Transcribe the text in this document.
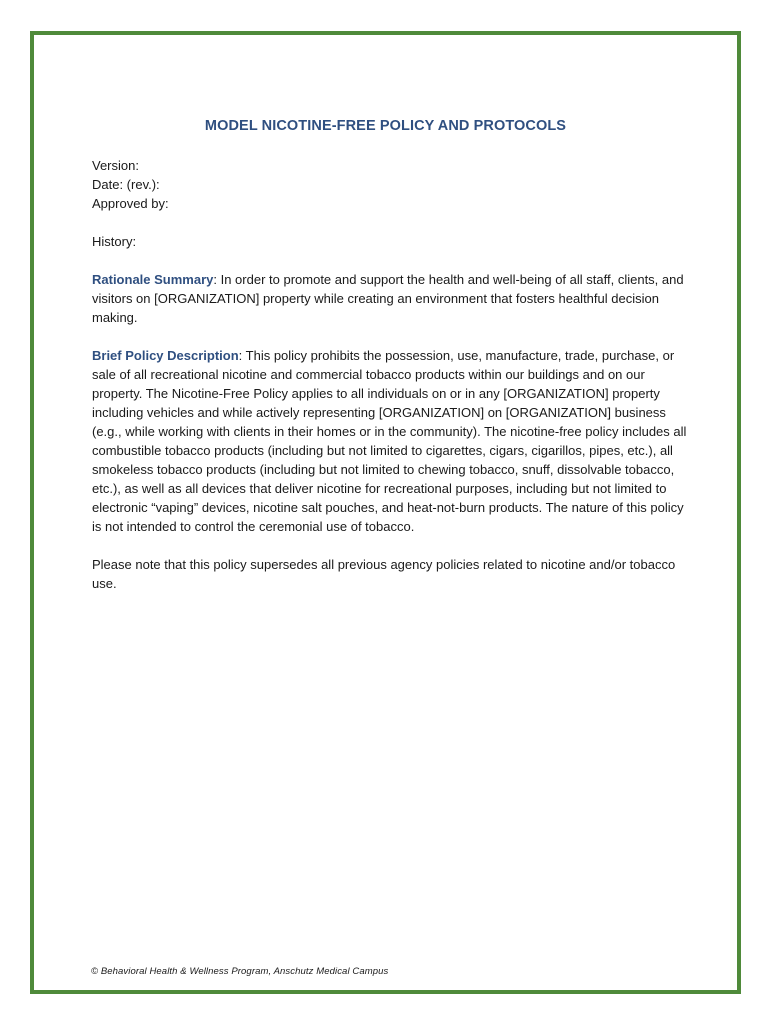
MODEL NICOTINE-FREE POLICY AND PROTOCOLS
Version:
Date: (rev.):
Approved by:
History:

Rationale Summary: In order to promote and support the health and well-being of all staff, clients, and visitors on [ORGANIZATION] property while creating an environment that fosters healthful decision making.

Brief Policy Description: This policy prohibits the possession, use, manufacture, trade, purchase, or sale of all recreational nicotine and commercial tobacco products within our buildings and on our property. The Nicotine-Free Policy applies to all individuals on or in any [ORGANIZATION] property including vehicles and while actively representing [ORGANIZATION] on [ORGANIZATION] business (e.g., while working with clients in their homes or in the community). The nicotine-free policy includes all combustible tobacco products (including but not limited to cigarettes, cigars, cigarillos, pipes, etc.), all smokeless tobacco products (including but not limited to chewing tobacco, snuff, dissolvable tobacco, etc.), as well as all devices that deliver nicotine for recreational purposes, including but not limited to electronic “vaping” devices, nicotine salt pouches, and heat-not-burn products. The nature of this policy is not intended to control the ceremonial use of tobacco.

Please note that this policy supersedes all previous agency policies related to nicotine and/or tobacco use.

© Behavioral Health & Wellness Program, Anschutz Medical Campus
